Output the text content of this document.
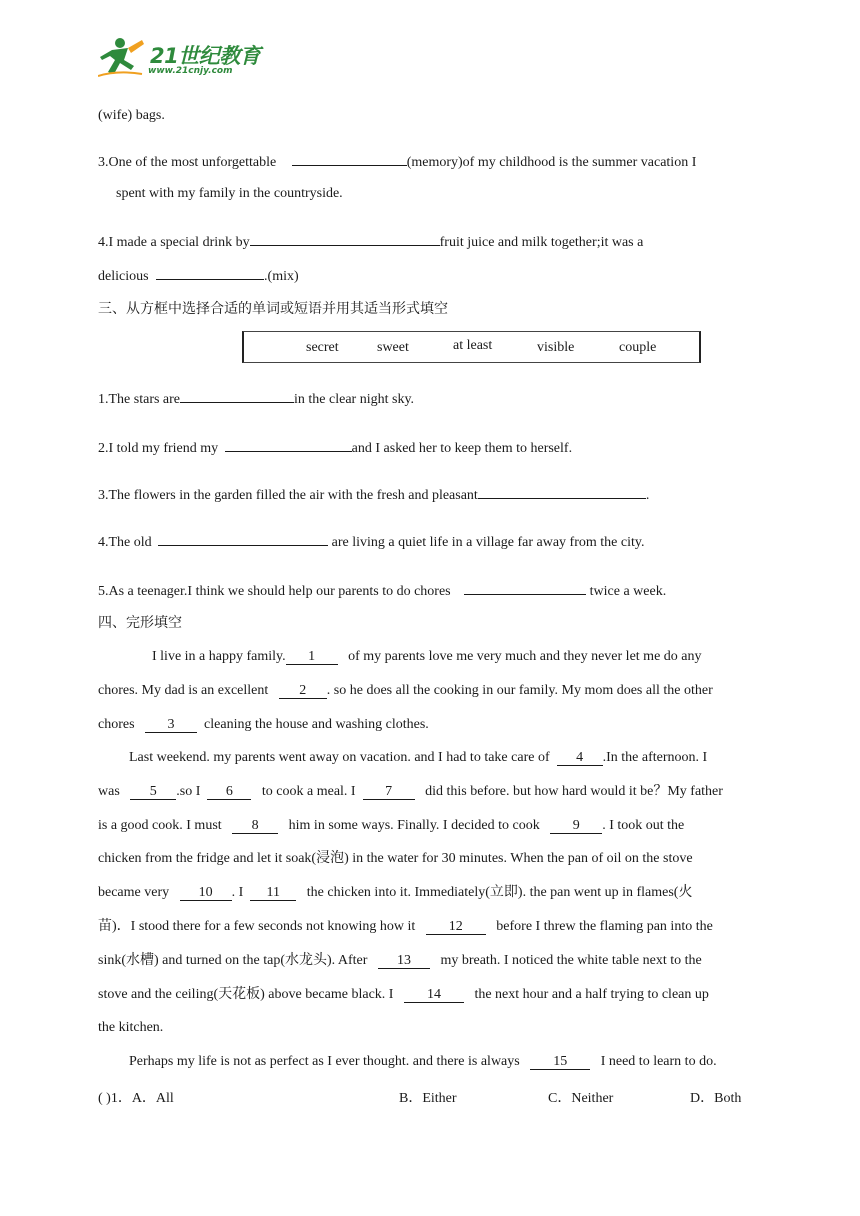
21世纪教育
www.21cnjy.com
(wife) bags.
3.One of the most unforgettable	(memory)of my childhood is the summer vacation I
spent with my family in the countryside.
4.I made a special drink by	fruit juice and milk together;it was a
delicious	.(mix)
三、从方框中选择合适的单词或短语并用其适当形式填空
secret	sweet	at least	visible	couple
1.The stars are	in the clear night sky.
2.I told my friend my	and I asked her to keep them to herself.
3.The flowers in the garden filled the air with the fresh and pleasant	.
4.The old	are living a quiet life in a village far away from the city.
5.As a teenager.I think we should help our parents to do chores	twice a week.
四、完形填空
I live in a happy family. 1 of my parents love me very much and they never let me do any
chores. My dad is an excellent 2 . so he does all the cooking in our family. My mom does all the other
chores 3 cleaning the house and washing clothes.
Last weekend. my parents went away on vacation. and I had to take care of 4 .In the afternoon. I
was 5 .so I 6 to cook a meal. I 7 did this before. but how hard would it be？My father
is a good cook. I must 8 him in some ways. Finally. I decided to cook 9 . I took out the
chicken from the fridge and let it soak(浸泡) in the water for 30 minutes. When the pan of oil on the stove
became very 10 . I 11 the chicken into it. Immediately(立即). the pan went up in flames(火
苗)．I stood there for a few seconds not knowing how it 12 before I threw the flaming pan into the
sink(水槽) and turned on the tap(水龙头). After 13 my breath. I noticed the white table next to the
stove and the ceiling(天花板) above became black. I 14 the next hour and a half trying to clean up
the kitchen.
Perhaps my life is not as perfect as I ever thought. and there is always 15 I need to learn to do.
( )1．A．All	B．Either	C．Neither	D．Both
